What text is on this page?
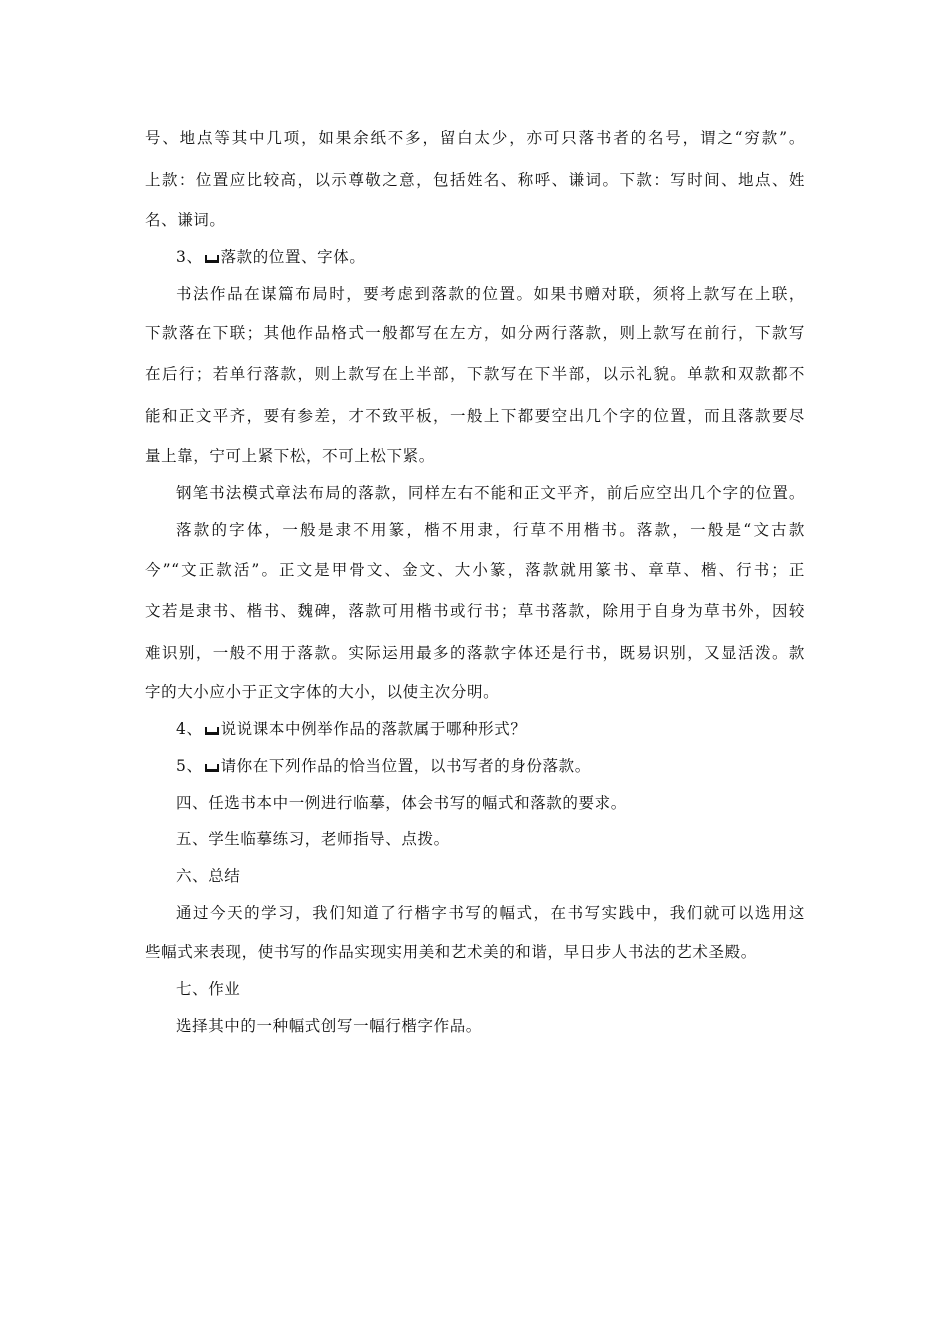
号、地点等其中几项，如果余纸不多，留白太少，亦可只落书者的名号，谓之“穷款”。
上款：位置应比较高，以示尊敬之意，包括姓名、称呼、谦词。下款：写时间、地点、姓
名、谦词。
3、 落款的位置、字体。
书法作品在谋篇布局时，要考虑到落款的位置。如果书赠对联，须将上款写在上联，
下款落在下联；其他作品格式一般都写在左方，如分两行落款，则上款写在前行，下款写
在后行；若单行落款，则上款写在上半部，下款写在下半部，以示礼貌。单款和双款都不
能和正文平齐，要有参差，才不致平板，一般上下都要空出几个字的位置，而且落款要尽
量上靠，宁可上紧下松，不可上松下紧。
钢笔书法模式章法布局的落款，同样左右不能和正文平齐，前后应空出几个字的位置。
落款的字体，一般是隶不用篆，楷不用隶，行草不用楷书。落款，一般是“文古款
今”“文正款活”。正文是甲骨文、金文、大小篆，落款就用篆书、章草、楷、行书；正
文若是隶书、楷书、魏碑，落款可用楷书或行书；草书落款，除用于自身为草书外，因较
难识别，一般不用于落款。实际运用最多的落款字体还是行书，既易识别，又显活泼。款
字的大小应小于正文字体的大小，以使主次分明。
4、 说说课本中例举作品的落款属于哪种形式？
5、 请你在下列作品的恰当位置，以书写者的身份落款。
四、任选书本中一例进行临摹，体会书写的幅式和落款的要求。
五、学生临摹练习，老师指导、点拨。
六、总结
通过今天的学习，我们知道了行楷字书写的幅式，在书写实践中，我们就可以选用这
些幅式来表现，使书写的作品实现实用美和艺术美的和谐，早日步人书法的艺术圣殿。
七、作业
选择其中的一种幅式创写一幅行楷字作品。
